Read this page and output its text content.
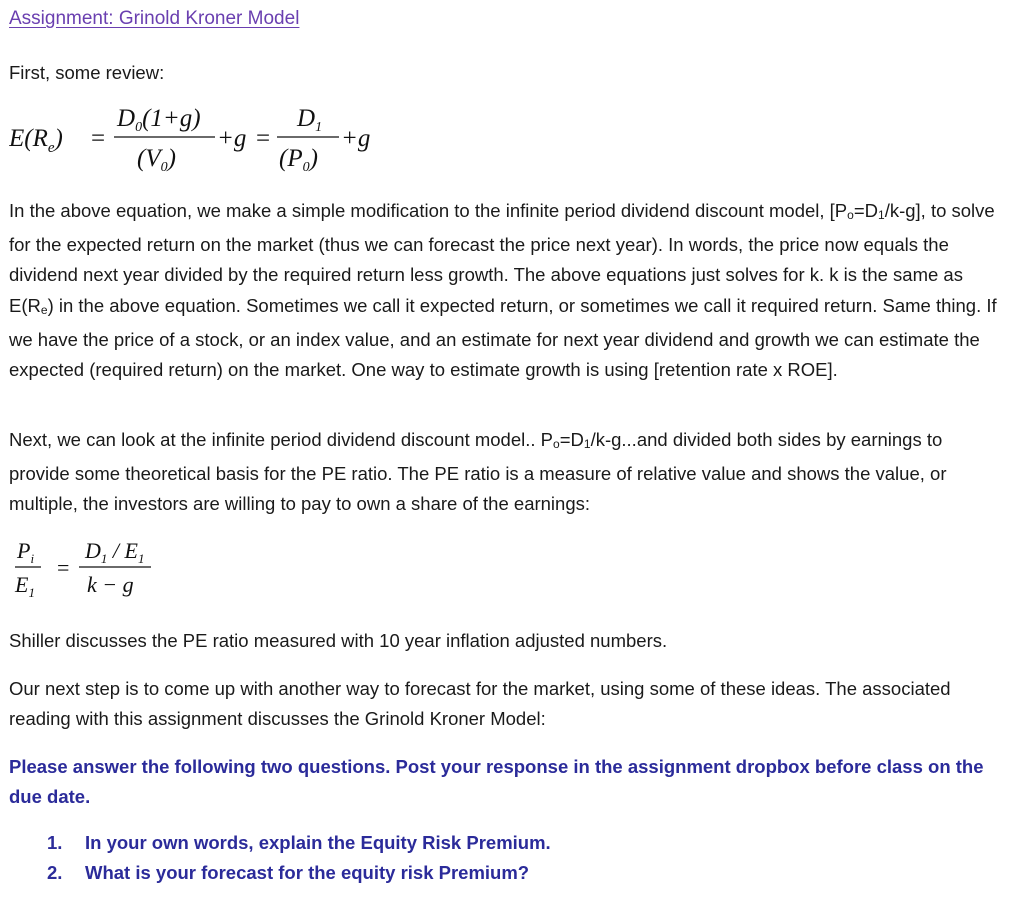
Assignment: Grinold Kroner Model

First, some review:

$E(R_e)$ =
$D_0(1+g)$
$(V_0)$
+g =
$D_1$
$(P_0)$
+g

In the above equation, we make a simple modification to the infinite period dividend discount model, $[P_o=D_1/k-g]$, to solve for the expected return on the market (thus we can forecast the price next year). In words, the price now equals the dividend next year divided by the required return less growth. The above equations just solves for k. k is the same as $E(R_e)$ in the above equation. Sometimes we call it expected return, or sometimes we call it required return. Same thing. If we have the price of a stock, or an index value, and an estimate for next year dividend and growth we can estimate the expected (required return) on the market. One way to estimate growth is using [retention rate x ROE].

Next, we can look at the infinite period dividend discount model.. $P_o=D_1/k-g...and$ divided both sides by earnings to provide some theoretical basis for the PE ratio. The PE ratio is a measure of relative value and shows the value, or multiple, the investors are willing to pay to own a share of the earnings:

$P_i$
$E_1$
=
$D_1 / E_1$
k − g

Shiller discusses the PE ratio measured with 10 year inflation adjusted numbers.

Our next step is to come up with another way to forecast for the market, using some of these ideas. The associated reading with this assignment discusses the Grinold Kroner Model:

Please answer the following two questions. Post your response in the assignment dropbox before class on the due date.

1. In your own words, explain the Equity Risk Premium.
2. What is your forecast for the equity risk Premium?
